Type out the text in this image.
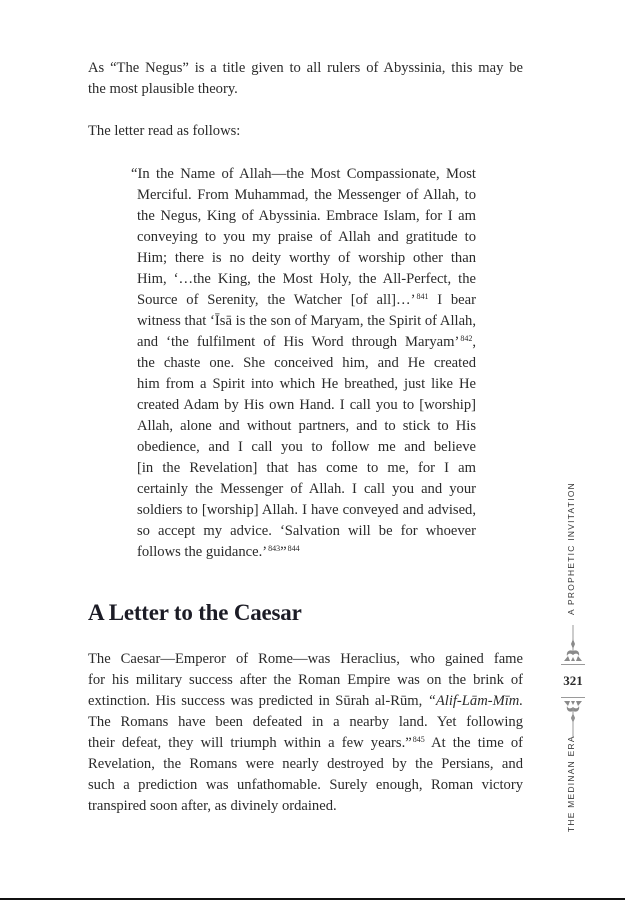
As “The Negus” is a title given to all rulers of Abyssinia, this may be
the most plausible theory.
The letter read as follows:
“In the Name of Allah—the Most Compassionate, Most
Merciful. From Muhammad, the Messenger of Allah, to
the Negus, King of Abyssinia. Embrace Islam, for I am
conveying to you my praise of Allah and gratitude to
Him; there is no deity worthy of worship other than
Him, ‘…the King, the Most Holy, the All-Perfect, the
Source of Serenity, the Watcher [of all]…’$^{841}$ I bear
witness that ‘Īsā is the son of Maryam, the Spirit of Allah,
and ‘the fulfilment of His Word through Maryam’$^{842}$,
the chaste one. She conceived him, and He created
him from a Spirit into which He breathed, just like He
created Adam by His own Hand. I call you to [worship]
Allah, alone and without partners, and to stick to His
obedience, and I call you to follow me and believe
[in the Revelation] that has come to me, for I am
certainly the Messenger of Allah. I call you and your
soldiers to [worship] Allah. I have conveyed and advised,
so accept my advice. ‘Salvation will be for whoever
follows the guidance.’$^{843}$”$^{844}$
A Letter to the Caesar
The Caesar—Emperor of Rome—was Heraclius, who gained fame
for his military success after the Roman Empire was on the brink of
extinction. His success was predicted in Sūrah al-Rūm, “Alif-Lām-Mīm.
The Romans have been defeated in a nearby land. Yet following
their defeat, they will triumph within a few years.”$^{845}$ At the time of
Revelation, the Romans were nearly destroyed by the Persians, and
such a prediction was unfathomable. Surely enough, Roman victory
transpired soon after, as divinely ordained.
A PROPHETIC INVITATION
321
THE MEDINAN ERA
